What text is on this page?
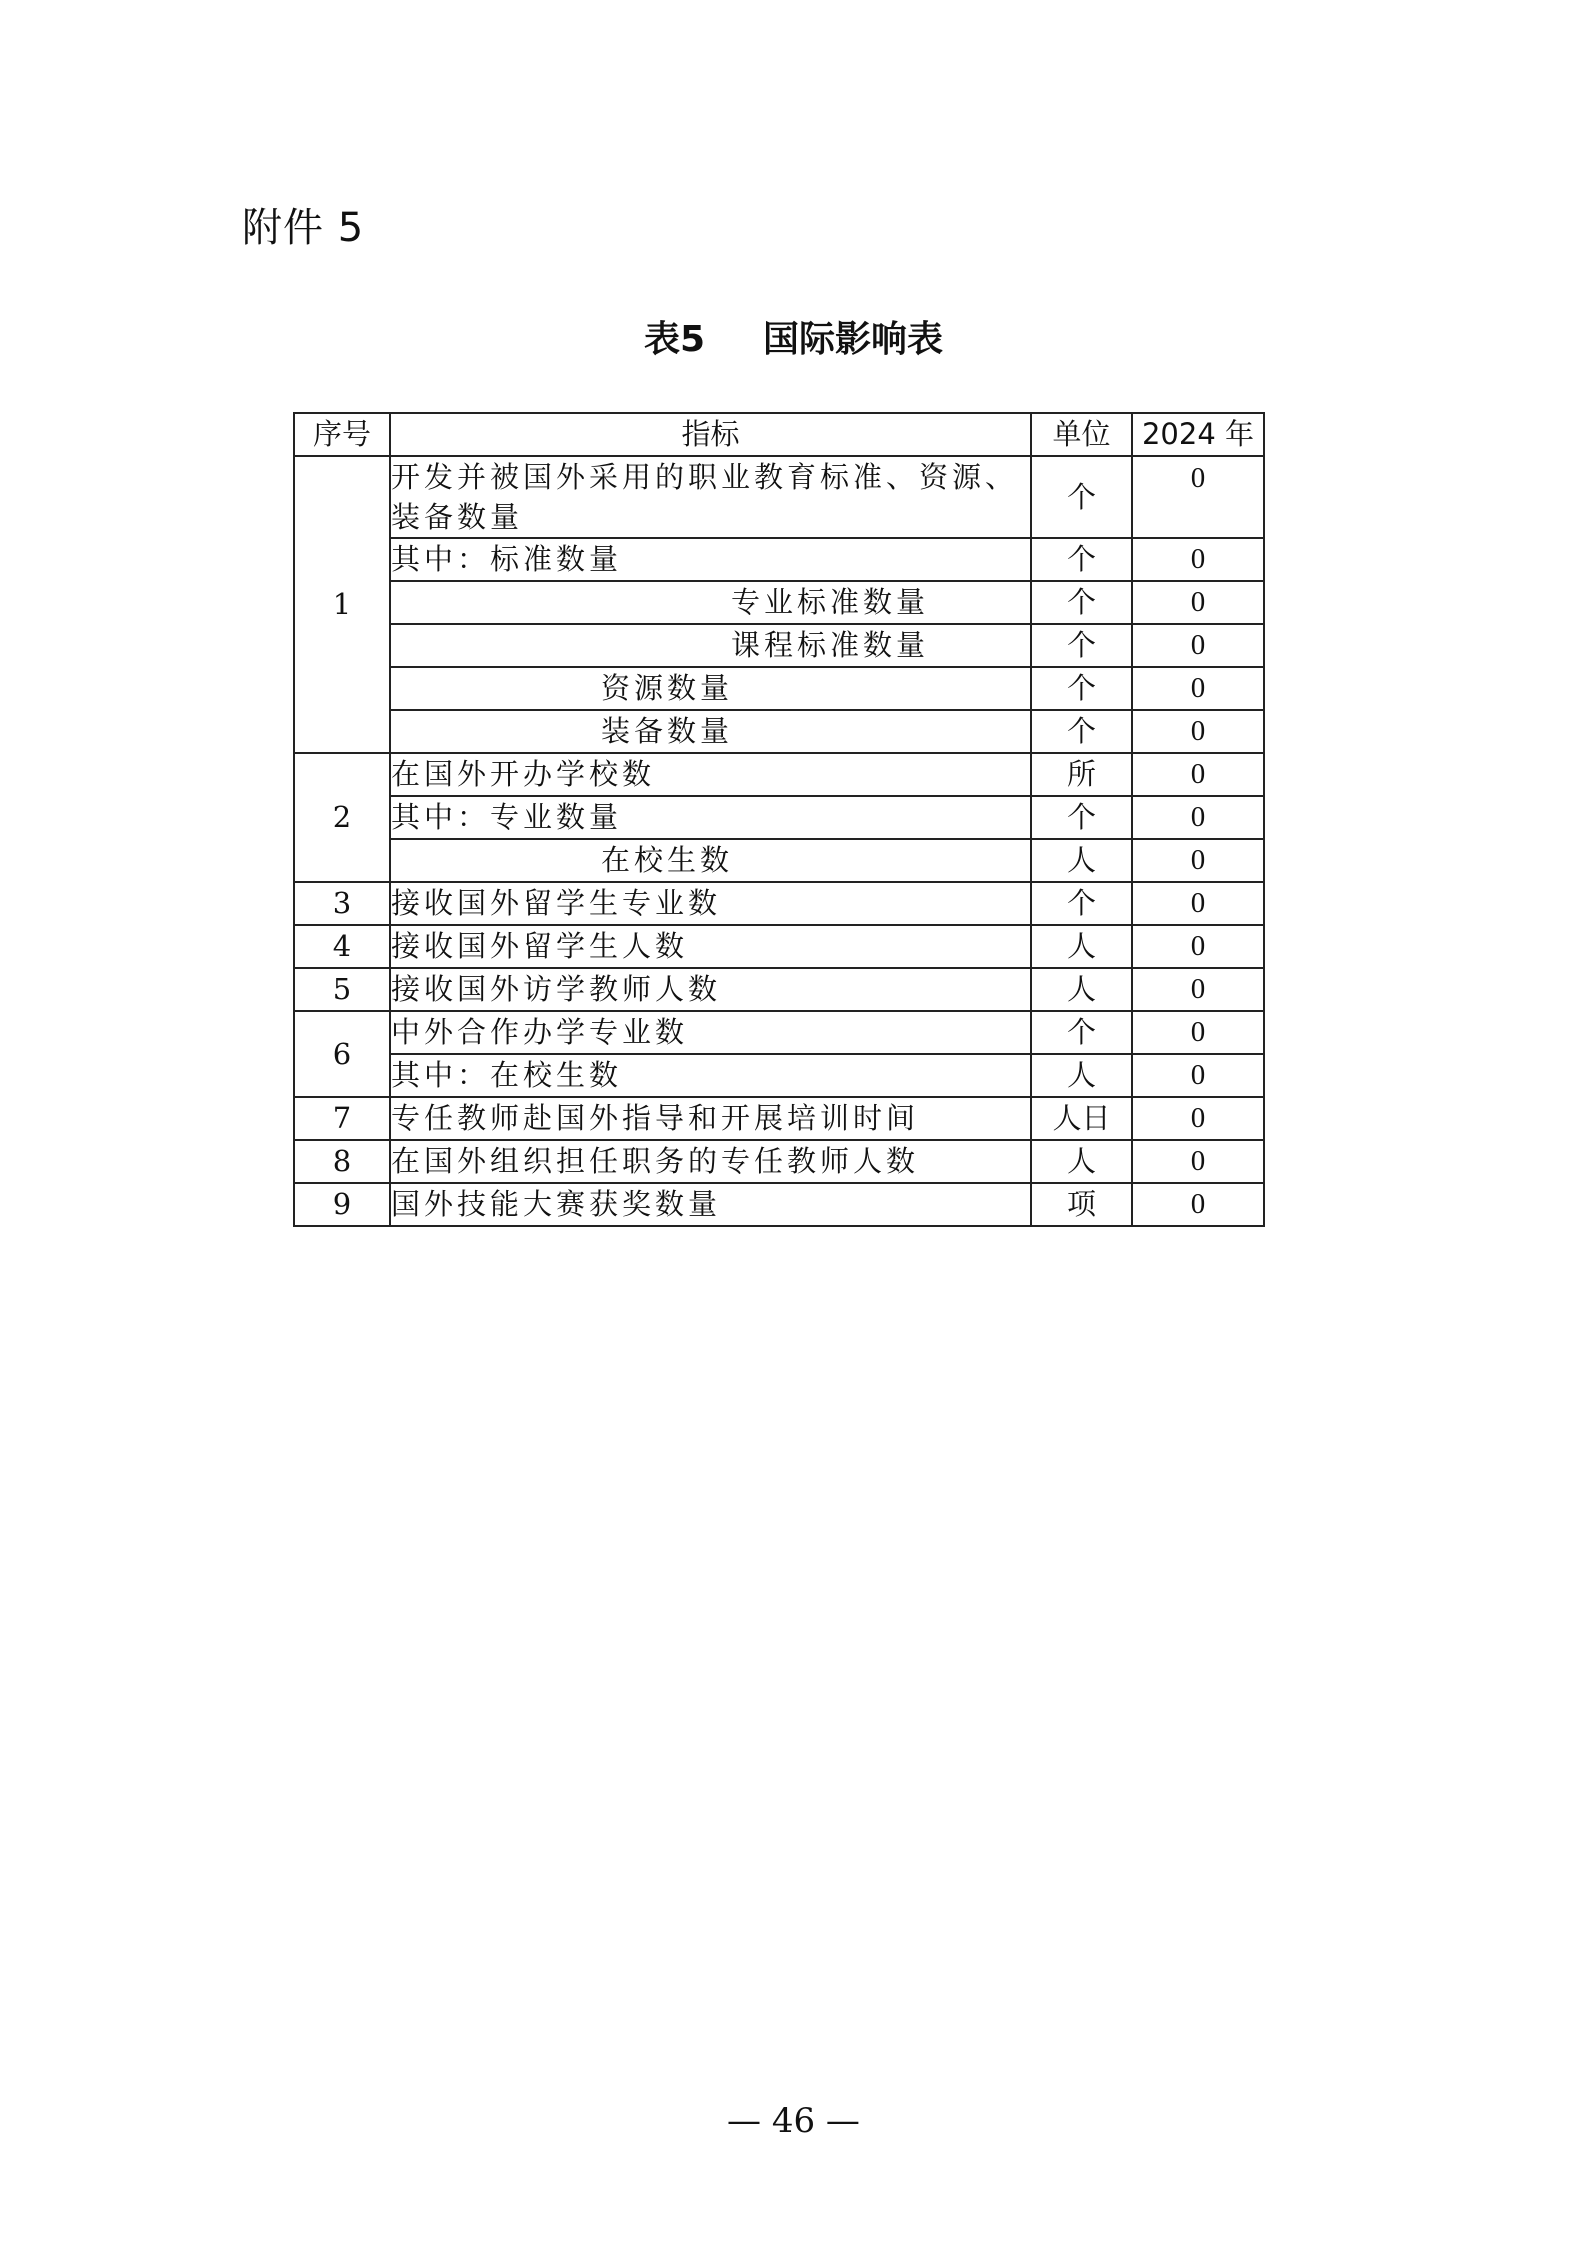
附件 5
表5 国际影响表
序号	指标	单位	2024 年
1	开发并被国外采用的职业教育标准、资源、装备数量	个	0
	其中：标准数量	个	0
	专业标准数量	个	0
	课程标准数量	个	0
	资源数量	个	0
	装备数量	个	0
2	在国外开办学校数	所	0
	其中：专业数量	个	0
	在校生数	人	0
3	接收国外留学生专业数	个	0
4	接收国外留学生人数	人	0
5	接收国外访学教师人数	人	0
6	中外合作办学专业数	个	0
	其中：在校生数	人	0
7	专任教师赴国外指导和开展培训时间	人日	0
8	在国外组织担任职务的专任教师人数	人	0
9	国外技能大赛获奖数量	项	0
— 46 —
